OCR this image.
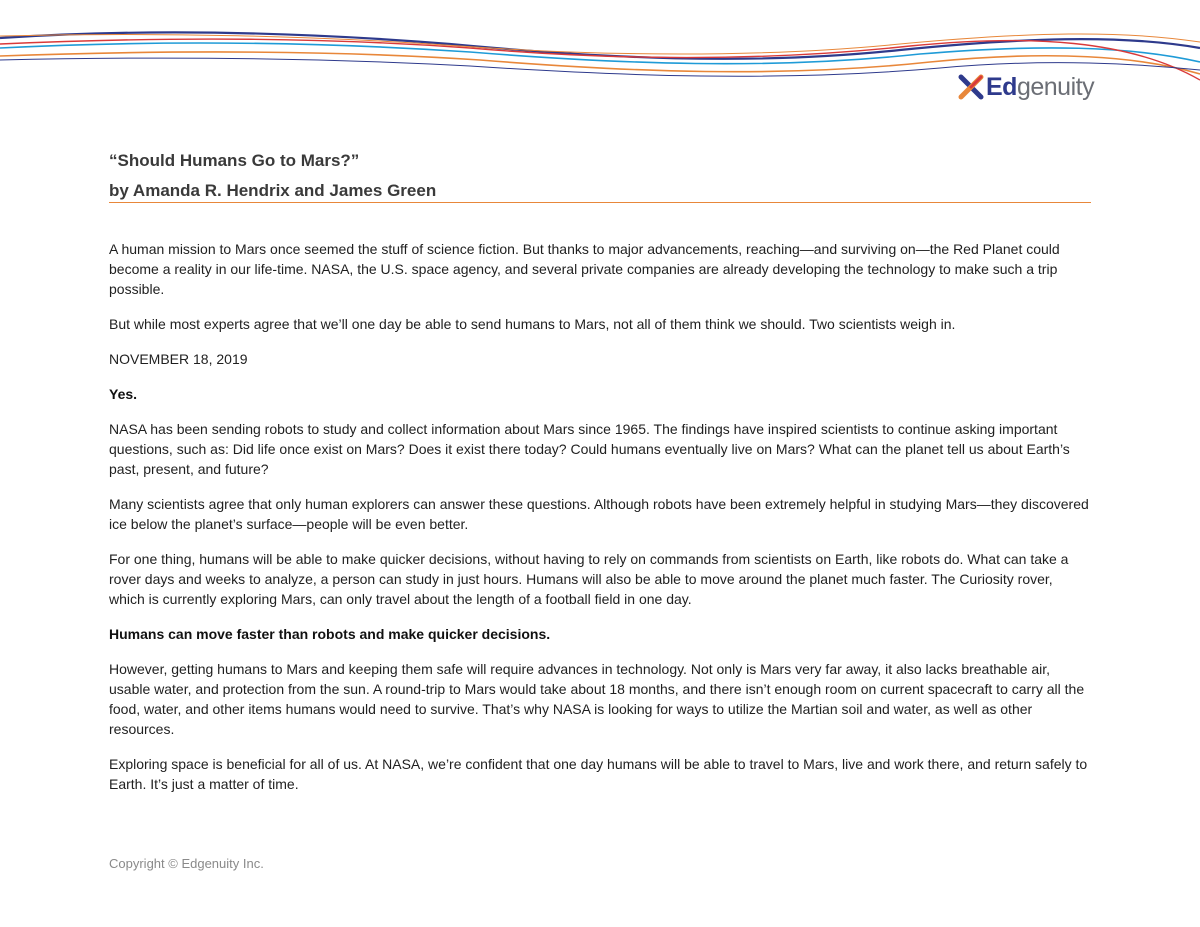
Edgenuity
“Should Humans Go to Mars?”
by Amanda R. Hendrix and James Green

A human mission to Mars once seemed the stuff of science fiction. But thanks to major advancements, reaching—and surviving on—the Red Planet could become a reality in our life-time. NASA, the U.S. space agency, and several private companies are already developing the technology to make such a trip possible.

But while most experts agree that we’ll one day be able to send humans to Mars, not all of them think we should. Two scientists weigh in.

NOVEMBER 18, 2019

Yes.

NASA has been sending robots to study and collect information about Mars since 1965. The findings have inspired scientists to continue asking important questions, such as: Did life once exist on Mars? Does it exist there today? Could humans eventually live on Mars? What can the planet tell us about Earth’s past, present, and future?

Many scientists agree that only human explorers can answer these questions. Although robots have been extremely helpful in studying Mars—they discovered ice below the planet’s surface—people will be even better.

For one thing, humans will be able to make quicker decisions, without having to rely on commands from scientists on Earth, like robots do. What can take a rover days and weeks to analyze, a person can study in just hours. Humans will also be able to move around the planet much faster. The Curiosity rover, which is currently exploring Mars, can only travel about the length of a football field in one day.

Humans can move faster than robots and make quicker decisions.

However, getting humans to Mars and keeping them safe will require advances in technology. Not only is Mars very far away, it also lacks breathable air, usable water, and protection from the sun. A round-trip to Mars would take about 18 months, and there isn’t enough room on current spacecraft to carry all the food, water, and other items humans would need to survive. That’s why NASA is looking for ways to utilize the Martian soil and water, as well as other resources.

Exploring space is beneficial for all of us. At NASA, we’re confident that one day humans will be able to travel to Mars, live and work there, and return safely to Earth. It’s just a matter of time.

Copyright © Edgenuity Inc.
